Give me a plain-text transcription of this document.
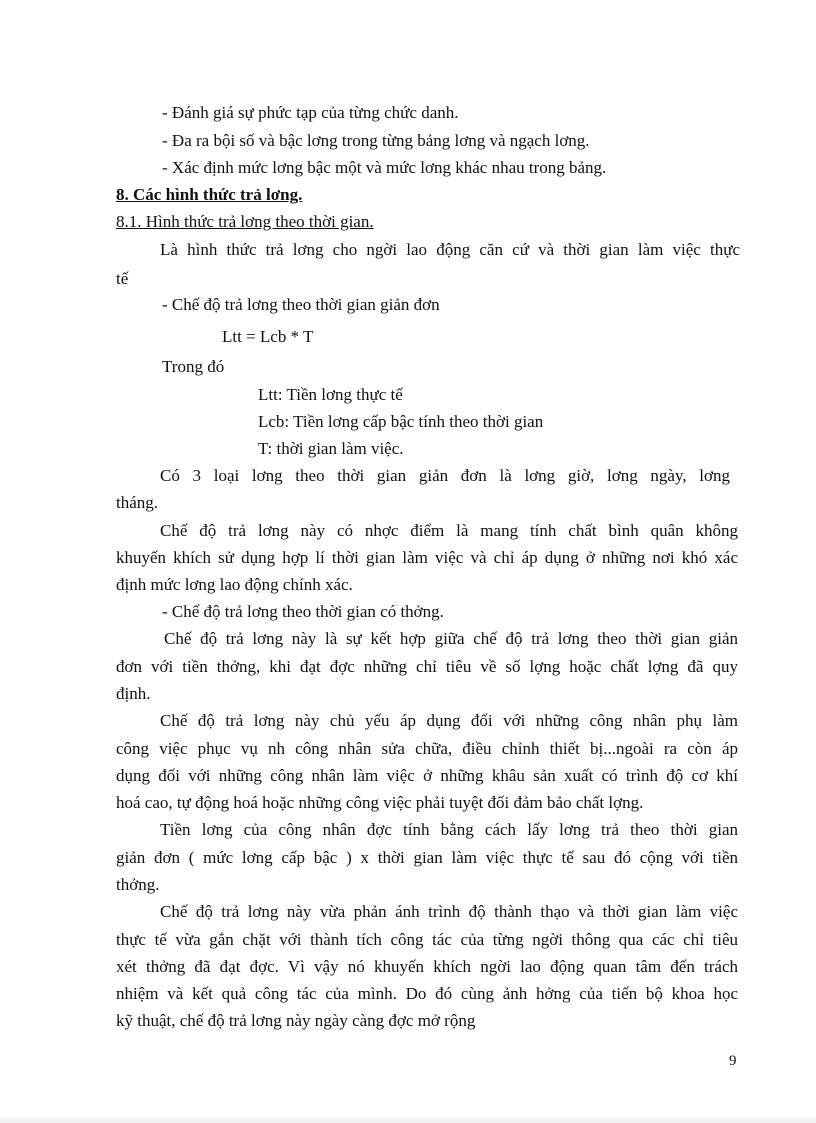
- Đánh giá sự phức tạp của từng chức danh.
- Đa ra bội số và bậc lơng trong từng bảng lơng và ngạch lơng.
- Xác định mức lơng bậc một và mức lơng khác nhau trong bảng.
8. Các hình thức trả lơng.
8.1. Hình thức trả lơng theo thời gian.
Là hình thức trả lơng cho ngời lao động căn cứ và thời gian làm việc thực
tế
- Chế độ trả lơng theo thời gian giản đơn
Ltt = Lcb * T
Trong đó
Ltt: Tiền lơng thực tế
Lcb: Tiền lơng cấp bậc tính theo thời gian
T: thời gian làm việc.
Có 3 loại lơng theo thời gian giản đơn là lơng giờ, lơng ngày, lơng
tháng.
Chế độ trả lơng này có nhợc điểm là mang tính chất bình quân không
khuyến khích sử dụng hợp lí thời gian làm việc và chỉ áp dụng ở những nơi khó xác
định mức lơng lao động chính xác.
- Chế độ trả lơng theo thời gian có thởng.
Chế độ trả lơng này là sự kết hợp giữa chế độ trả lơng theo thời gian giản
đơn với tiền thởng, khi đạt đợc những chỉ tiêu về số lợng hoặc chất lợng đã quy
định.
Chế độ trả lơng này chủ yếu áp dụng đối với những công nhân phụ làm
công việc phục vụ nh công nhân sửa chữa, điều chỉnh thiết bị...ngoài ra còn áp
dụng đối với những công nhân làm việc ở những khâu sản xuất có trình độ cơ khí
hoá cao, tự động hoá hoặc những công việc phải tuyệt đối đảm bảo chất lợng.
Tiền lơng của công nhân đợc tính bằng cách lấy lơng trả theo thời gian
giản đơn ( mức lơng cấp bậc ) x thời gian làm việc thực tế sau đó cộng với tiền
thởng.
Chế độ trả lơng này vừa phản ánh trình độ thành thạo và thời gian làm việc
thực tế vừa gắn chặt với thành tích công tác của từng ngời thông qua các chỉ tiêu
xét thởng đã đạt đợc. Vì vậy nó khuyến khích ngời lao động quan tâm đến trách
nhiệm và kết quả công tác của mình. Do đó cùng ảnh hởng của tiến bộ khoa học
kỹ thuật, chế độ trả lơng này ngày càng đợc mở rộng
9
